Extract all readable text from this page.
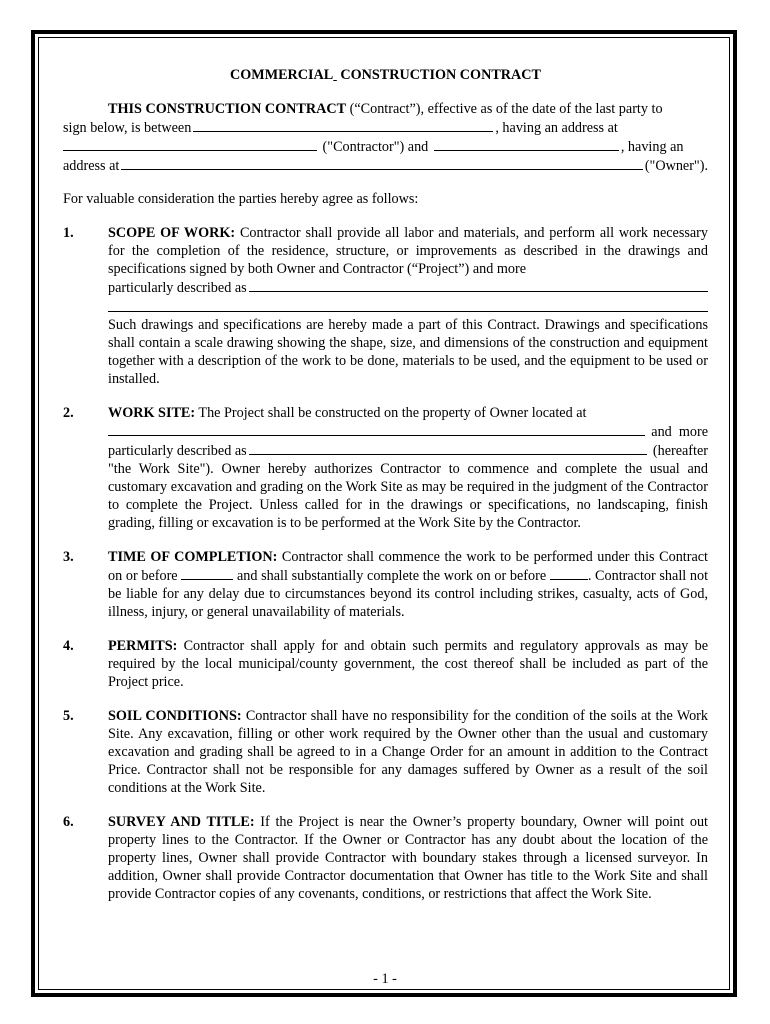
COMMERCIAL  CONSTRUCTION CONTRACT

THIS CONSTRUCTION CONTRACT (“Contract”), effective as of the date of the last party to

sign below, is between	, having an address at
("Contractor") and	, having an
address at	("Owner").

For valuable consideration the parties hereby agree as follows:

1.	SCOPE OF WORK: Contractor shall provide all labor and materials, and perform all work necessary for the completion of the residence, structure, or improvements as described in the drawings and specifications signed by both Owner and Contractor (“Project”) and more

particularly described as

Such drawings and specifications are hereby made a part of this Contract. Drawings and specifications shall contain a scale drawing showing the shape, size, and dimensions of the construction and equipment together with a description of the work to be done, materials to be used, and the equipment to be used or installed.

2.	WORK SITE: The Project shall be constructed on the property of Owner located at

and  more
particularly described as	(hereafter

"the Work Site"). Owner hereby authorizes Contractor to commence and complete the usual and customary excavation and grading on the Work Site as may be required in the judgment of the Contractor to complete the Project. Unless called for in the drawings or specifications, no landscaping, finish grading, filling or excavation is to be performed at the Work Site by the Contractor.

3.	TIME OF COMPLETION: Contractor shall commence the work to be performed under this Contract on or before	and shall substantially complete the work on or before	. Contractor shall not be liable for any delay due to circumstances beyond its control including strikes, casualty, acts of God, illness, injury, or general unavailability of materials.

4.	PERMITS: Contractor shall apply for and obtain such permits and regulatory approvals as may be required by the local municipal/county government, the cost thereof shall be included as part of the Project price.

5.	SOIL CONDITIONS: Contractor shall have no responsibility for the condition of the soils at the Work Site. Any excavation, filling or other work required by the Owner other than the usual and customary excavation and grading shall be agreed to in a Change Order for an amount in addition to the Contract Price. Contractor shall not be responsible for any damages suffered by Owner as a result of the soil conditions at the Work Site.

6.	SURVEY AND TITLE: If the Project is near the Owner’s property boundary, Owner will point out property lines to the Contractor. If the Owner or Contractor has any doubt about the location of the property lines, Owner shall provide Contractor with boundary stakes through a licensed surveyor. In addition, Owner shall provide Contractor documentation that Owner has title to the Work Site and shall provide Contractor copies of any covenants, conditions, or restrictions that affect the Work Site.

- 1 -
